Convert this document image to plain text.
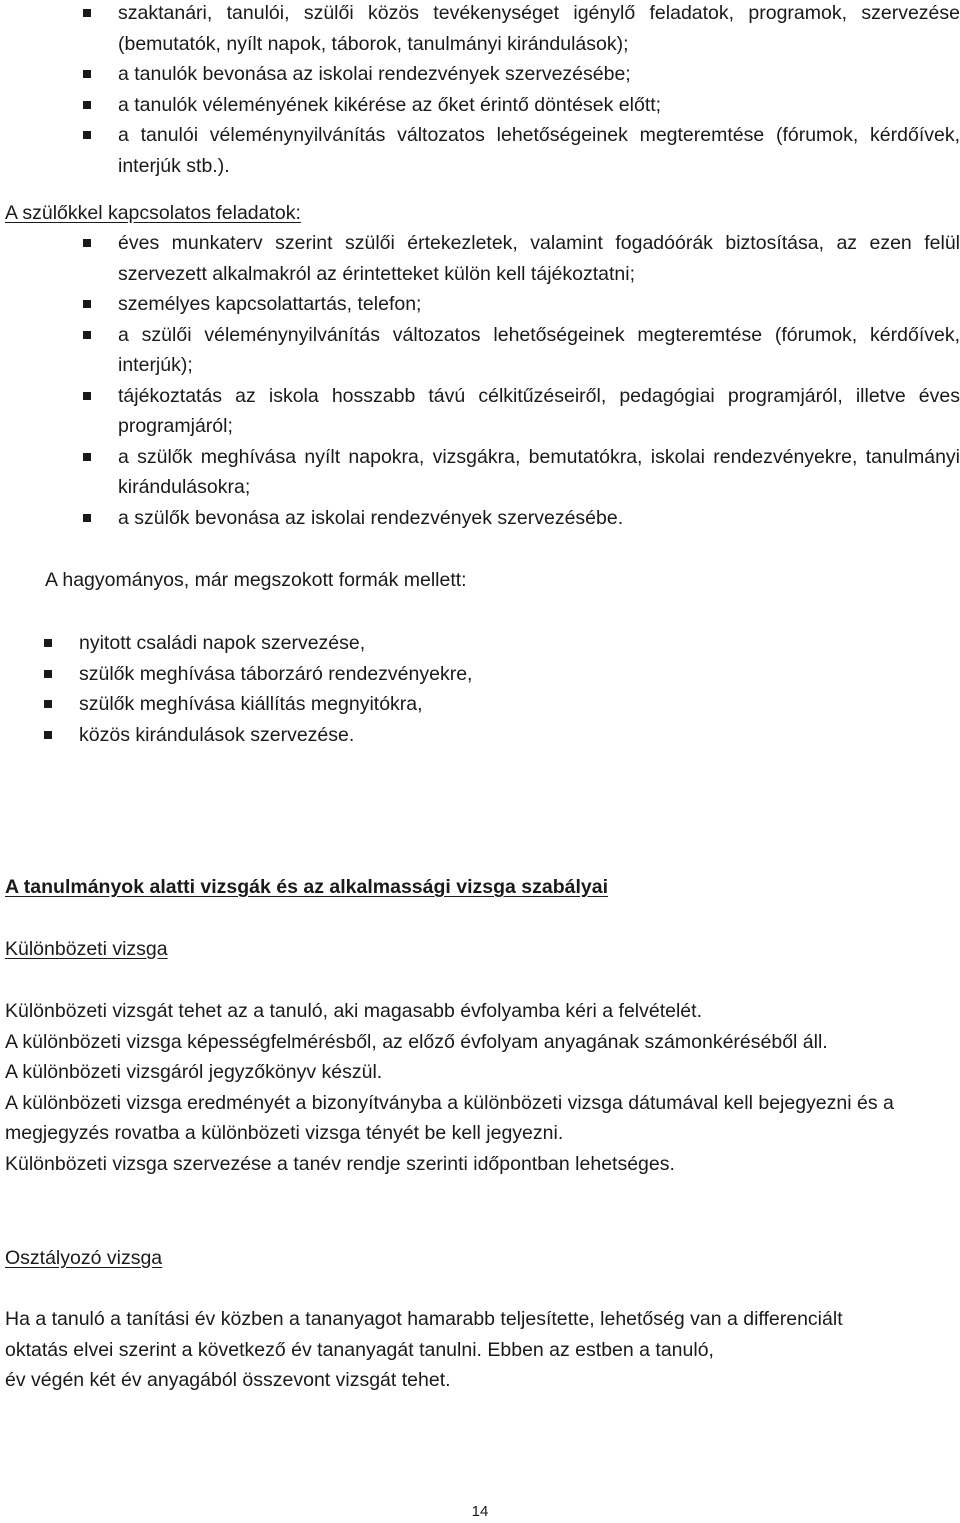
szaktanári, tanulói, szülői közös tevékenységet igénylő feladatok, programok, szervezése (bemutatók, nyílt napok, táborok, tanulmányi kirándulások);
a tanulók bevonása az iskolai rendezvények szervezésébe;
a tanulók véleményének kikérése az őket érintő döntések előtt;
a tanulói véleménynyilvánítás változatos lehetőségeinek megteremtése (fórumok, kérdőívek, interjúk stb.).
A szülőkkel kapcsolatos feladatok:
éves munkaterv szerint szülői értekezletek, valamint fogadóórák biztosítása, az ezen felül szervezett alkalmakról az érintetteket külön kell tájékoztatni;
személyes kapcsolattartás, telefon;
a szülői véleménynyilvánítás változatos lehetőségeinek megteremtése (fórumok, kérdőívek, interjúk);
tájékoztatás az iskola hosszabb távú célkitűzéseiről, pedagógiai programjáról, illetve éves programjáról;
a szülők meghívása nyílt napokra, vizsgákra, bemutatókra, iskolai rendezvényekre, tanulmányi kirándulásokra;
a szülők bevonása az iskolai rendezvények szervezésébe.
A hagyományos, már megszokott formák mellett:
nyitott családi napok szervezése,
szülők meghívása táborzáró rendezvényekre,
szülők meghívása kiállítás megnyitókra,
közös kirándulások szervezése.
A tanulmányok alatti vizsgák és az alkalmassági vizsga szabályai
Különbözeti vizsga

Különbözeti vizsgát tehet az a tanuló, aki magasabb évfolyamba kéri a felvételét.

A különbözeti vizsga képességfelmérésből, az előző évfolyam anyagának számonkéréséből áll.

A különbözeti vizsgáról jegyzőkönyv készül.

A különbözeti vizsga eredményét a bizonyítványba a különbözeti vizsga dátumával kell bejegyezni és a megjegyzés rovatba a különbözeti vizsga tényét be kell jegyezni.

Különbözeti vizsga szervezése a tanév rendje szerinti időpontban lehetséges.

Osztályozó vizsga

Ha a tanuló a tanítási év közben a tananyagot hamarabb teljesítette, lehetőség van a differenciált oktatás elvei szerint a következő év tananyagát tanulni. Ebben az estben a tanuló,

év végén két év anyagából összevont vizsgát tehet.

14
